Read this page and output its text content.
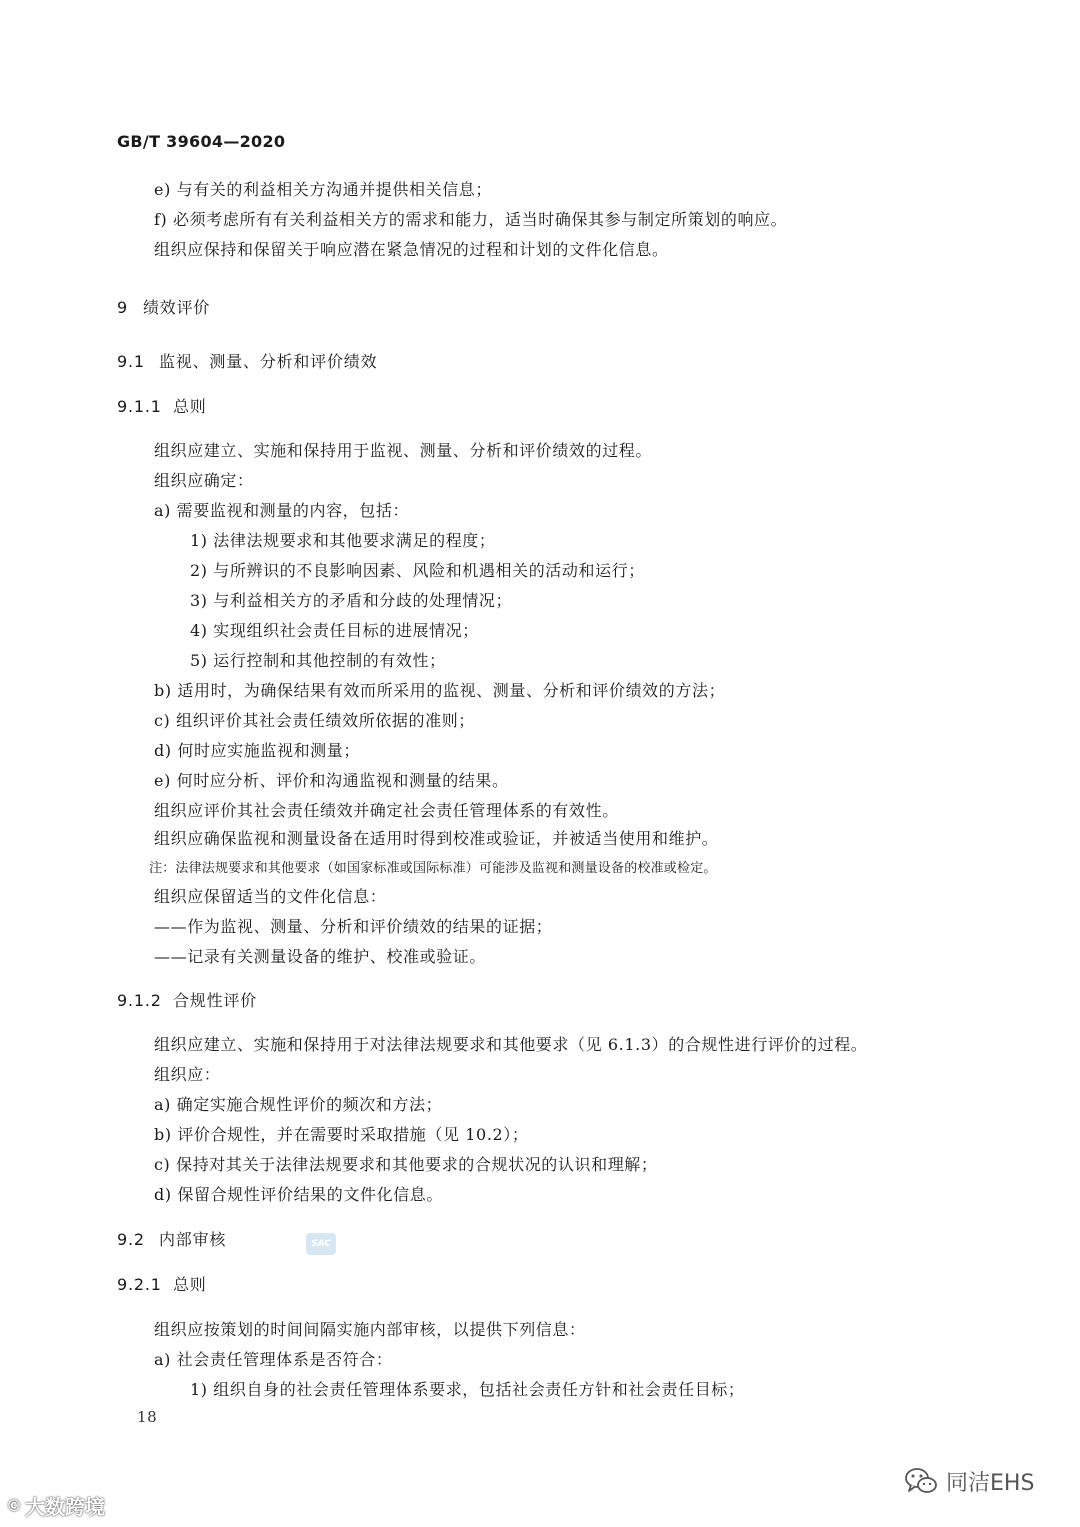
GB/T 39604—2020
e) 与有关的利益相关方沟通并提供相关信息；
f) 必须考虑所有有关利益相关方的需求和能力，适当时确保其参与制定所策划的响应。
组织应保持和保留关于响应潜在紧急情况的过程和计划的文件化信息。
9 绩效评价
9.1 监视、测量、分析和评价绩效
9.1.1 总则
组织应建立、实施和保持用于监视、测量、分析和评价绩效的过程。
组织应确定：
a) 需要监视和测量的内容，包括：
1) 法律法规要求和其他要求满足的程度；
2) 与所辨识的不良影响因素、风险和机遇相关的活动和运行；
3) 与利益相关方的矛盾和分歧的处理情况；
4) 实现组织社会责任目标的进展情况；
5) 运行控制和其他控制的有效性；
b) 适用时，为确保结果有效而所采用的监视、测量、分析和评价绩效的方法；
c) 组织评价其社会责任绩效所依据的准则；
d) 何时应实施监视和测量；
e) 何时应分析、评价和沟通监视和测量的结果。
组织应评价其社会责任绩效并确定社会责任管理体系的有效性。
组织应确保监视和测量设备在适用时得到校准或验证，并被适当使用和维护。
注：法律法规要求和其他要求（如国家标准或国际标准）可能涉及监视和测量设备的校准或检定。
组织应保留适当的文件化信息：
——作为监视、测量、分析和评价绩效的结果的证据；
——记录有关测量设备的维护、校准或验证。
9.1.2 合规性评价
组织应建立、实施和保持用于对法律法规要求和其他要求（见 6.1.3）的合规性进行评价的过程。
组织应：
a) 确定实施合规性评价的频次和方法；
b) 评价合规性，并在需要时采取措施（见 10.2）；
c) 保持对其关于法律法规要求和其他要求的合规状况的认识和理解；
d) 保留合规性评价结果的文件化信息。
9.2 内部审核	SAC
9.2.1 总则
组织应按策划的时间间隔实施内部审核，以提供下列信息：
a) 社会责任管理体系是否符合：
1) 组织自身的社会责任管理体系要求，包括社会责任方针和社会责任目标；
18
© 大数跨境
同洁EHS
